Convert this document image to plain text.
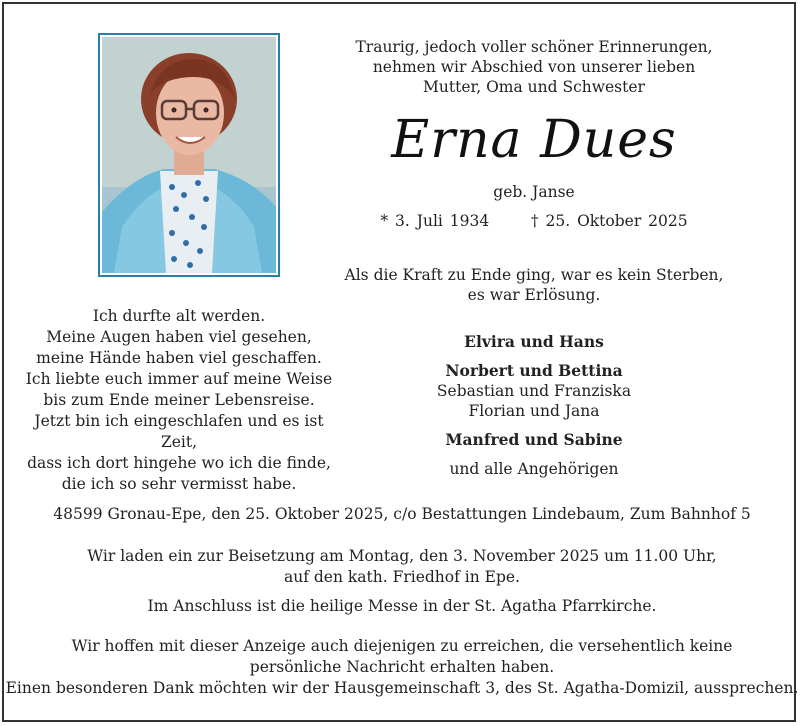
Traurig, jedoch voller schöner Erinnerungen,
nehmen wir Abschied von unserer lieben
Mutter, Oma und Schwester
Erna Dues
geb. Janse
* 3. Juli 1934	† 25. Oktober 2025
Als die Kraft zu Ende ging, war es kein Sterben,
es war Erlösung.
Ich durfte alt werden.
Meine Augen haben viel gesehen,
meine Hände haben viel geschaffen.
Ich liebte euch immer auf meine Weise
bis zum Ende meiner Lebensreise.
Jetzt bin ich eingeschlafen und es ist Zeit,
dass ich dort hingehe wo ich die finde,
die ich so sehr vermisst habe.
Elvira und Hans
Norbert und Bettina
Sebastian und Franziska
Florian und Jana
Manfred und Sabine
und alle Angehörigen
48599 Gronau-Epe, den 25. Oktober 2025, c/o Bestattungen Lindebaum, Zum Bahnhof 5
Wir laden ein zur Beisetzung am Montag, den 3. November 2025 um 11.00 Uhr,
auf den kath. Friedhof in Epe.
Im Anschluss ist die heilige Messe in der St. Agatha Pfarrkirche.
Wir hoffen mit dieser Anzeige auch diejenigen zu erreichen, die versehentlich keine
persönliche Nachricht erhalten haben.
Einen besonderen Dank möchten wir der Hausgemeinschaft 3, des St. Agatha-Domizil, aussprechen.
